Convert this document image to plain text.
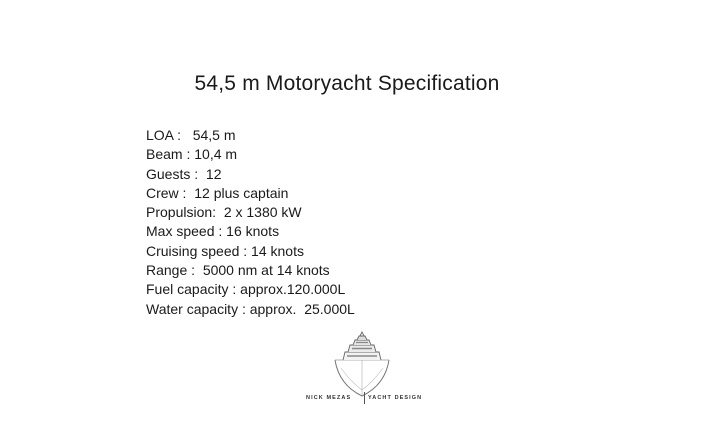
54,5 m Motoryacht Specification
LOA :   54,5 m
Beam : 10,4 m
Guests :  12
Crew :  12 plus captain
Propulsion:  2 x 1380 kW
Max speed : 16 knots
Cruising speed : 14 knots
Range :  5000 nm at 14 knots
Fuel capacity : approx.120.000L
Water capacity : approx.  25.000L
NICK MEZAS	YACHT DESIGN
